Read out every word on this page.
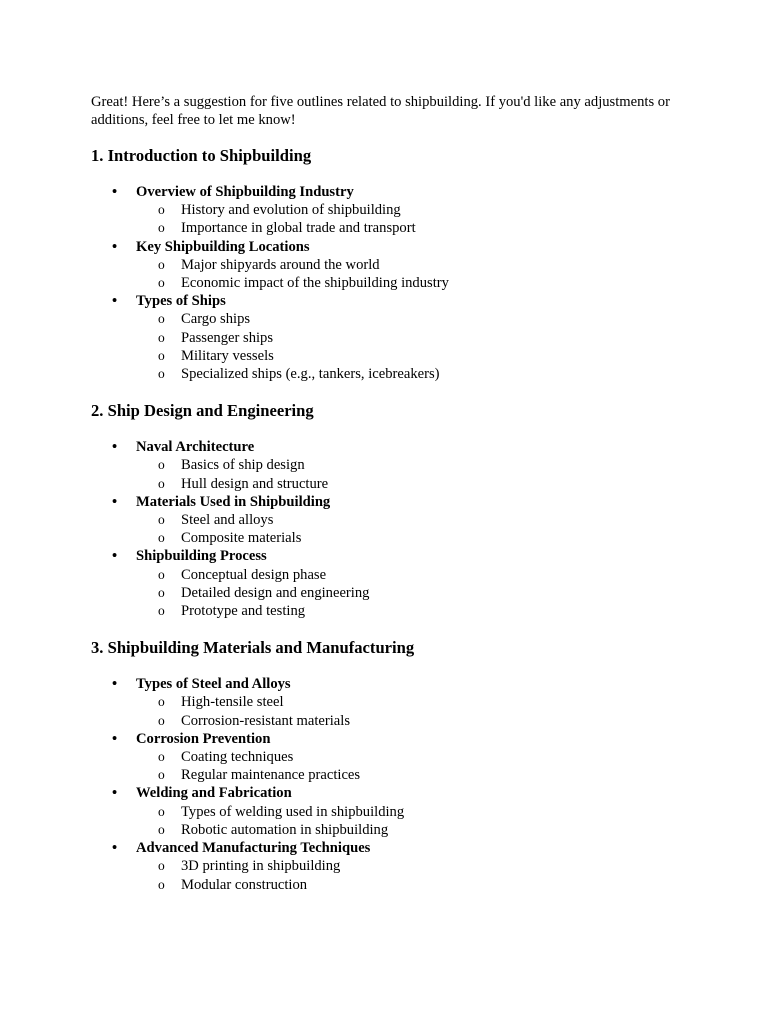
Great! Here’s a suggestion for five outlines related to shipbuilding. If you'd like any adjustments or additions, feel free to let me know!

1. Introduction to Shipbuilding
• Overview of Shipbuilding Industry
o History and evolution of shipbuilding
o Importance in global trade and transport
• Key Shipbuilding Locations
o Major shipyards around the world
o Economic impact of the shipbuilding industry
• Types of Ships
o Cargo ships
o Passenger ships
o Military vessels
o Specialized ships (e.g., tankers, icebreakers)
2. Ship Design and Engineering
• Naval Architecture
o Basics of ship design
o Hull design and structure
• Materials Used in Shipbuilding
o Steel and alloys
o Composite materials
• Shipbuilding Process
o Conceptual design phase
o Detailed design and engineering
o Prototype and testing
3. Shipbuilding Materials and Manufacturing
• Types of Steel and Alloys
o High-tensile steel
o Corrosion-resistant materials
• Corrosion Prevention
o Coating techniques
o Regular maintenance practices
• Welding and Fabrication
o Types of welding used in shipbuilding
o Robotic automation in shipbuilding
• Advanced Manufacturing Techniques
o 3D printing in shipbuilding
o Modular construction
